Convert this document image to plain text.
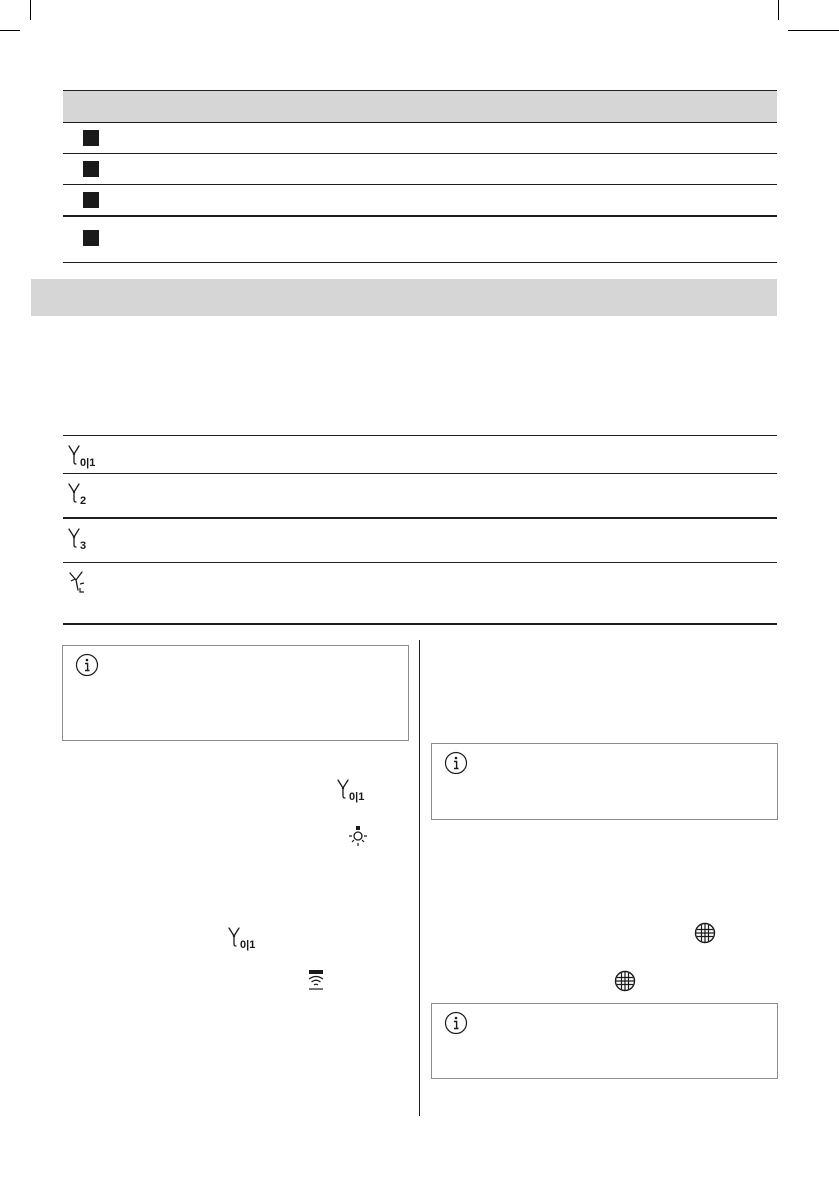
0|1
2
3
0|1
0|1
